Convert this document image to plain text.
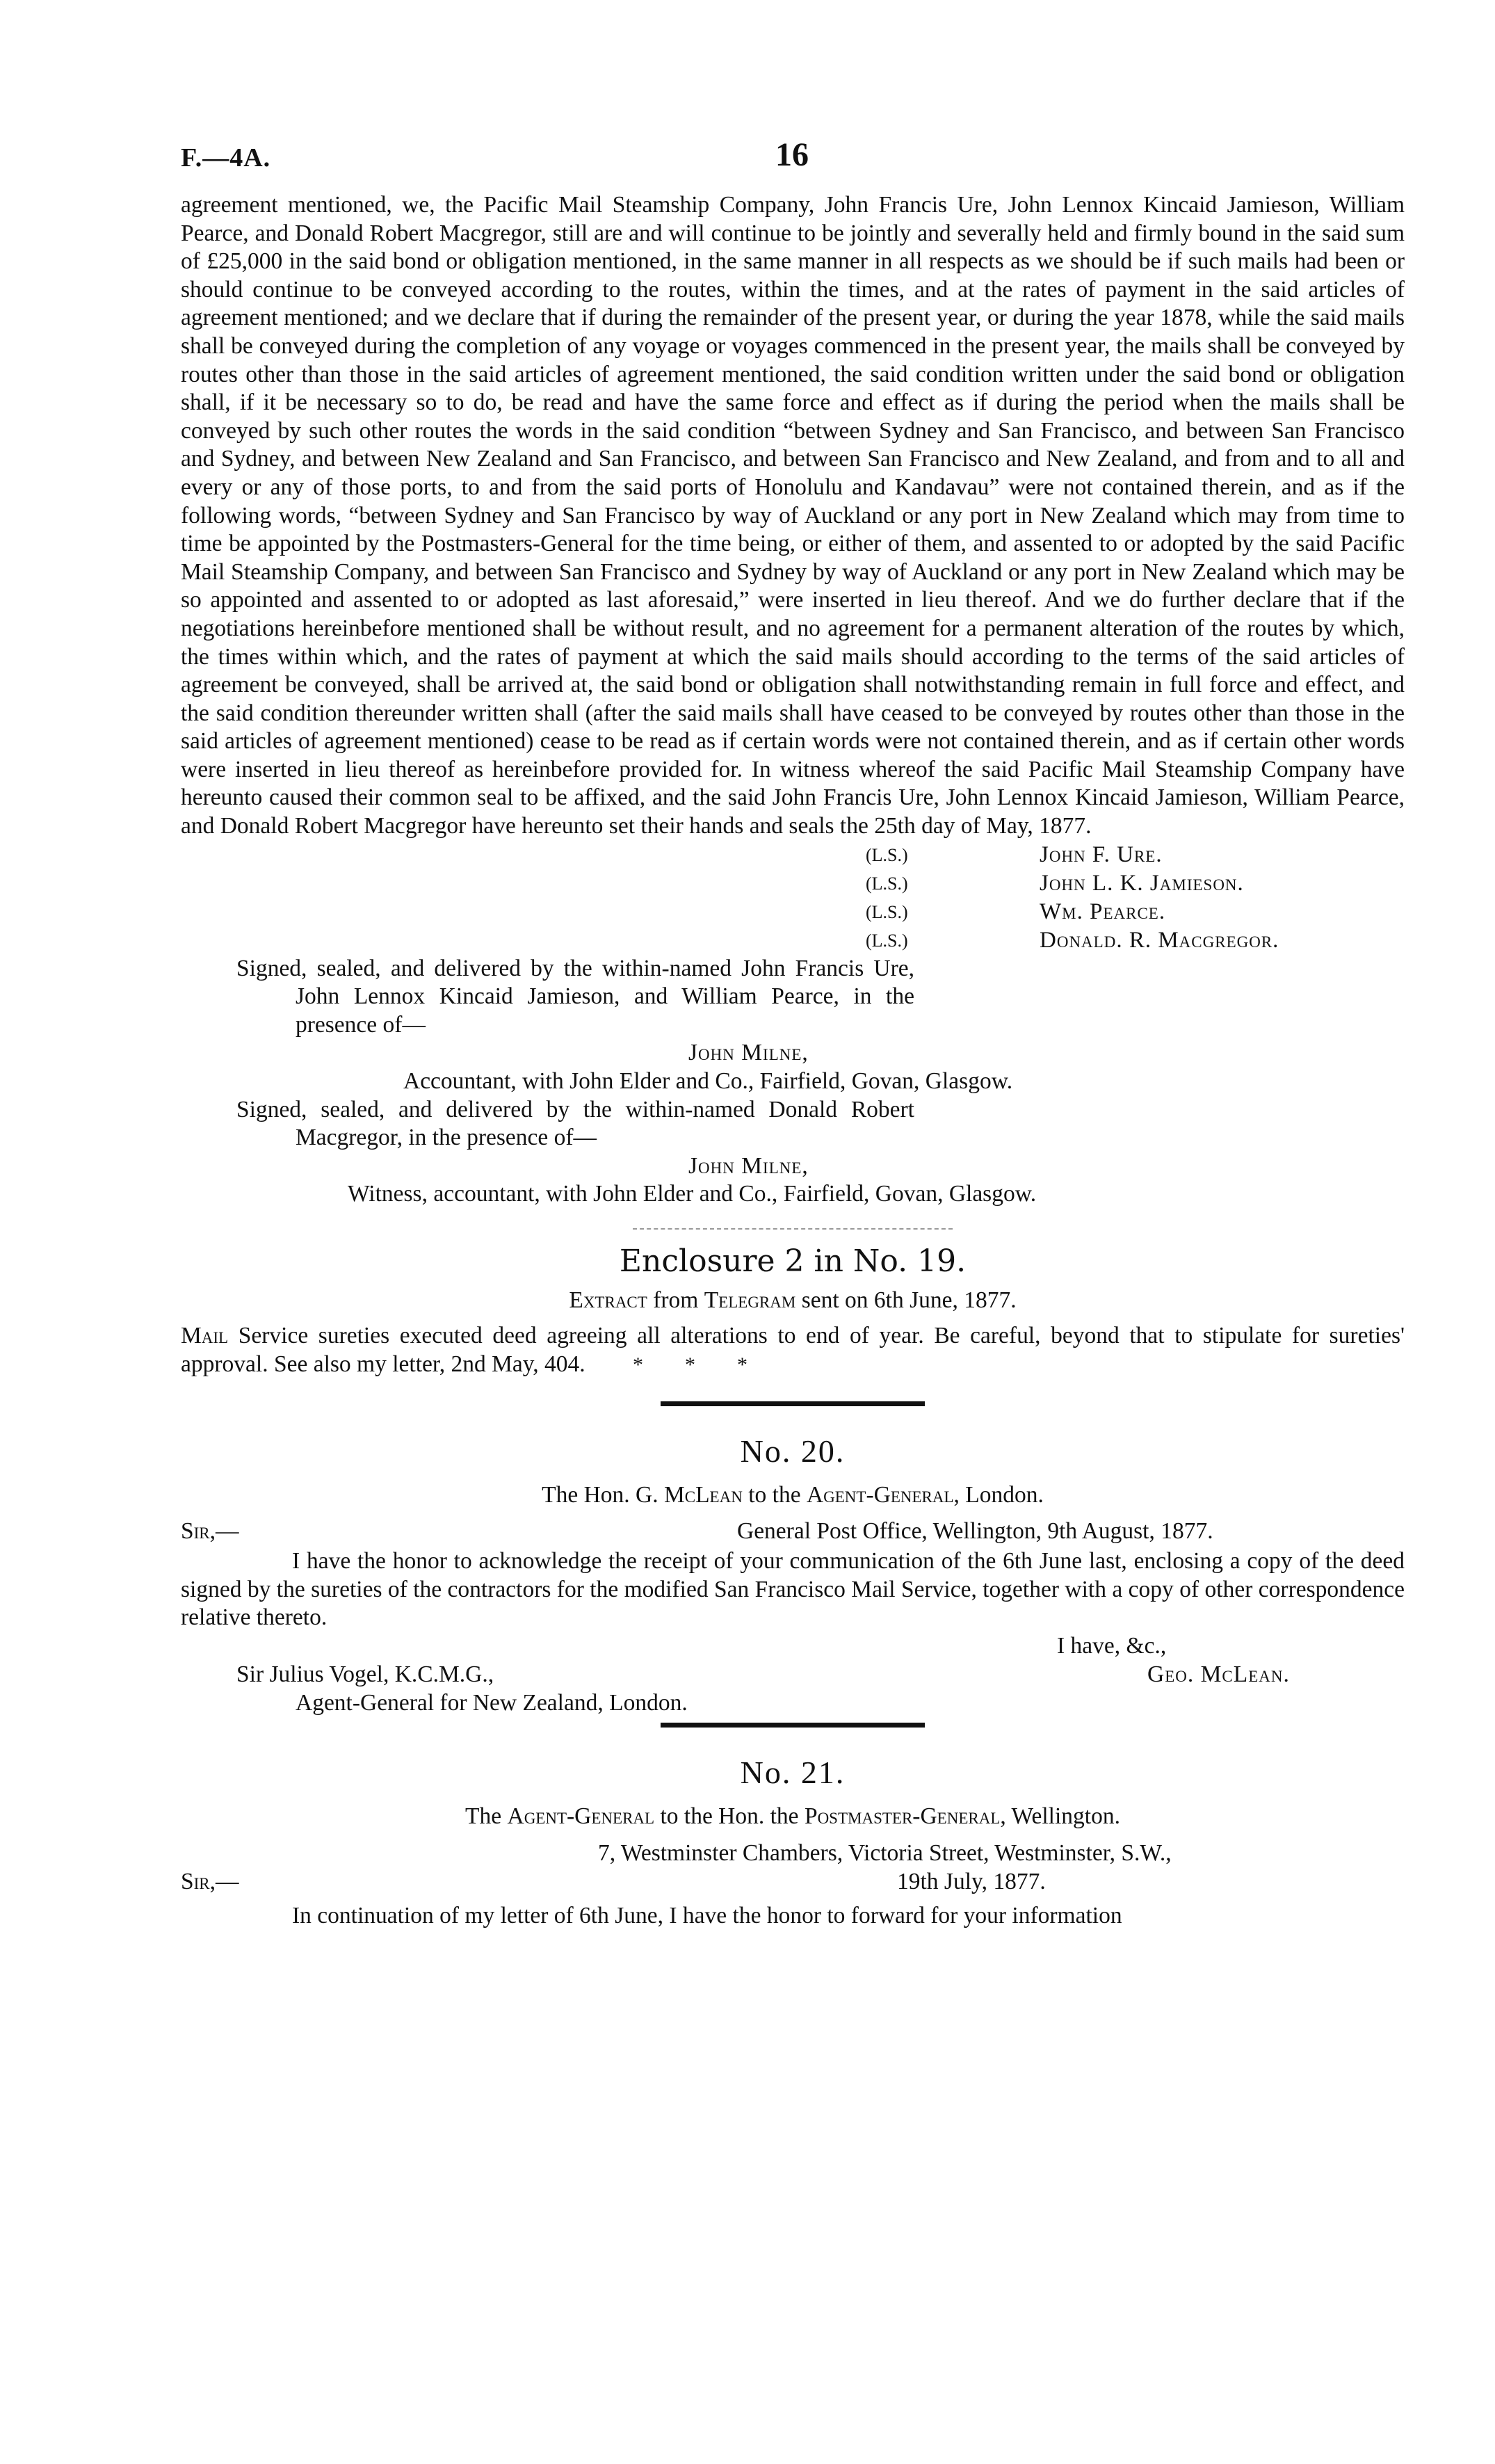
F.—4A.	16

agreement mentioned, we, the Pacific Mail Steamship Company, John Francis Ure, John Lennox Kincaid Jamieson, William Pearce, and Donald Robert Macgregor, still are and will continue to be jointly and severally held and firmly bound in the said sum of £25,000 in the said bond or obligation mentioned, in the same manner in all respects as we should be if such mails had been or should continue to be conveyed according to the routes, within the times, and at the rates of payment in the said articles of agreement mentioned; and we declare that if during the remainder of the present year, or during the year 1878, while the said mails shall be conveyed during the completion of any voyage or voyages commenced in the present year, the mails shall be conveyed by routes other than those in the said articles of agreement mentioned, the said condition written under the said bond or obligation shall, if it be necessary so to do, be read and have the same force and effect as if during the period when the mails shall be conveyed by such other routes the words in the said condition “between Sydney and San Francisco, and between San Francisco and Sydney, and between New Zealand and San Francisco, and between San Francisco and New Zealand, and from and to all and every or any of those ports, to and from the said ports of Honolulu and Kandavau” were not contained therein, and as if the following words, “between Sydney and San Francisco by way of Auckland or any port in New Zealand which may from time to time be appointed by the Postmasters-General for the time being, or either of them, and assented to or adopted by the said Pacific Mail Steamship Company, and between San Francisco and Sydney by way of Auckland or any port in New Zealand which may be so appointed and assented to or adopted as last aforesaid,” were inserted in lieu thereof. And we do further declare that if the negotiations hereinbefore mentioned shall be without result, and no agreement for a permanent alteration of the routes by which, the times within which, and the rates of payment at which the said mails should according to the terms of the said articles of agreement be conveyed, shall be arrived at, the said bond or obligation shall notwithstanding remain in full force and effect, and the said condition thereunder written shall (after the said mails shall have ceased to be conveyed by routes other than those in the said articles of agreement mentioned) cease to be read as if certain words were not contained therein, and as if certain other words were inserted in lieu thereof as hereinbefore provided for. In witness whereof the said Pacific Mail Steamship Company have hereunto caused their common seal to be affixed, and the said John Francis Ure, John Lennox Kincaid Jamieson, William Pearce, and Donald Robert Macgregor have hereunto set their hands and seals the 25th day of May, 1877.

(L.S.)	John F. Ure.
(L.S.)	John L. K. Jamieson.
(L.S.)	Wm. Pearce.
(L.S.)	Donald. R. Macgregor.

Signed, sealed, and delivered by the within-named John Francis Ure, John Lennox Kincaid Jamieson, and William Pearce, in the presence of—

John Milne,

Accountant, with John Elder and Co., Fairfield, Govan, Glasgow.

Signed, sealed, and delivered by the within-named Donald Robert Macgregor, in the presence of—

John Milne,

Witness, accountant, with John Elder and Co., Fairfield, Govan, Glasgow.

Enclosure 2 in No. 19.
Extract from Telegram sent on 6th June, 1877.

Mail Service sureties executed deed agreeing all alterations to end of year. Be careful, beyond that to stipulate for sureties' approval. See also my letter, 2nd May, 404. *        *        *

No. 20.
The Hon. G. McLean to the Agent-General, London.
Sir,—	General Post Office, Wellington, 9th August, 1877.

I have the honor to acknowledge the receipt of your communication of the 6th June last, enclosing a copy of the deed signed by the sureties of the contractors for the modified San Francisco Mail Service, together with a copy of other correspondence relative thereto.

I have, &c.,
Sir Julius Vogel, K.C.M.G.,	Geo. McLean.
Agent-General for New Zealand, London.
No. 21.
The Agent-General to the Hon. the Postmaster-General, Wellington.
7, Westminster Chambers, Victoria Street, Westminster, S.W.,
Sir,—	19th July, 1877.

In continuation of my letter of 6th June, I have the honor to forward for your information
